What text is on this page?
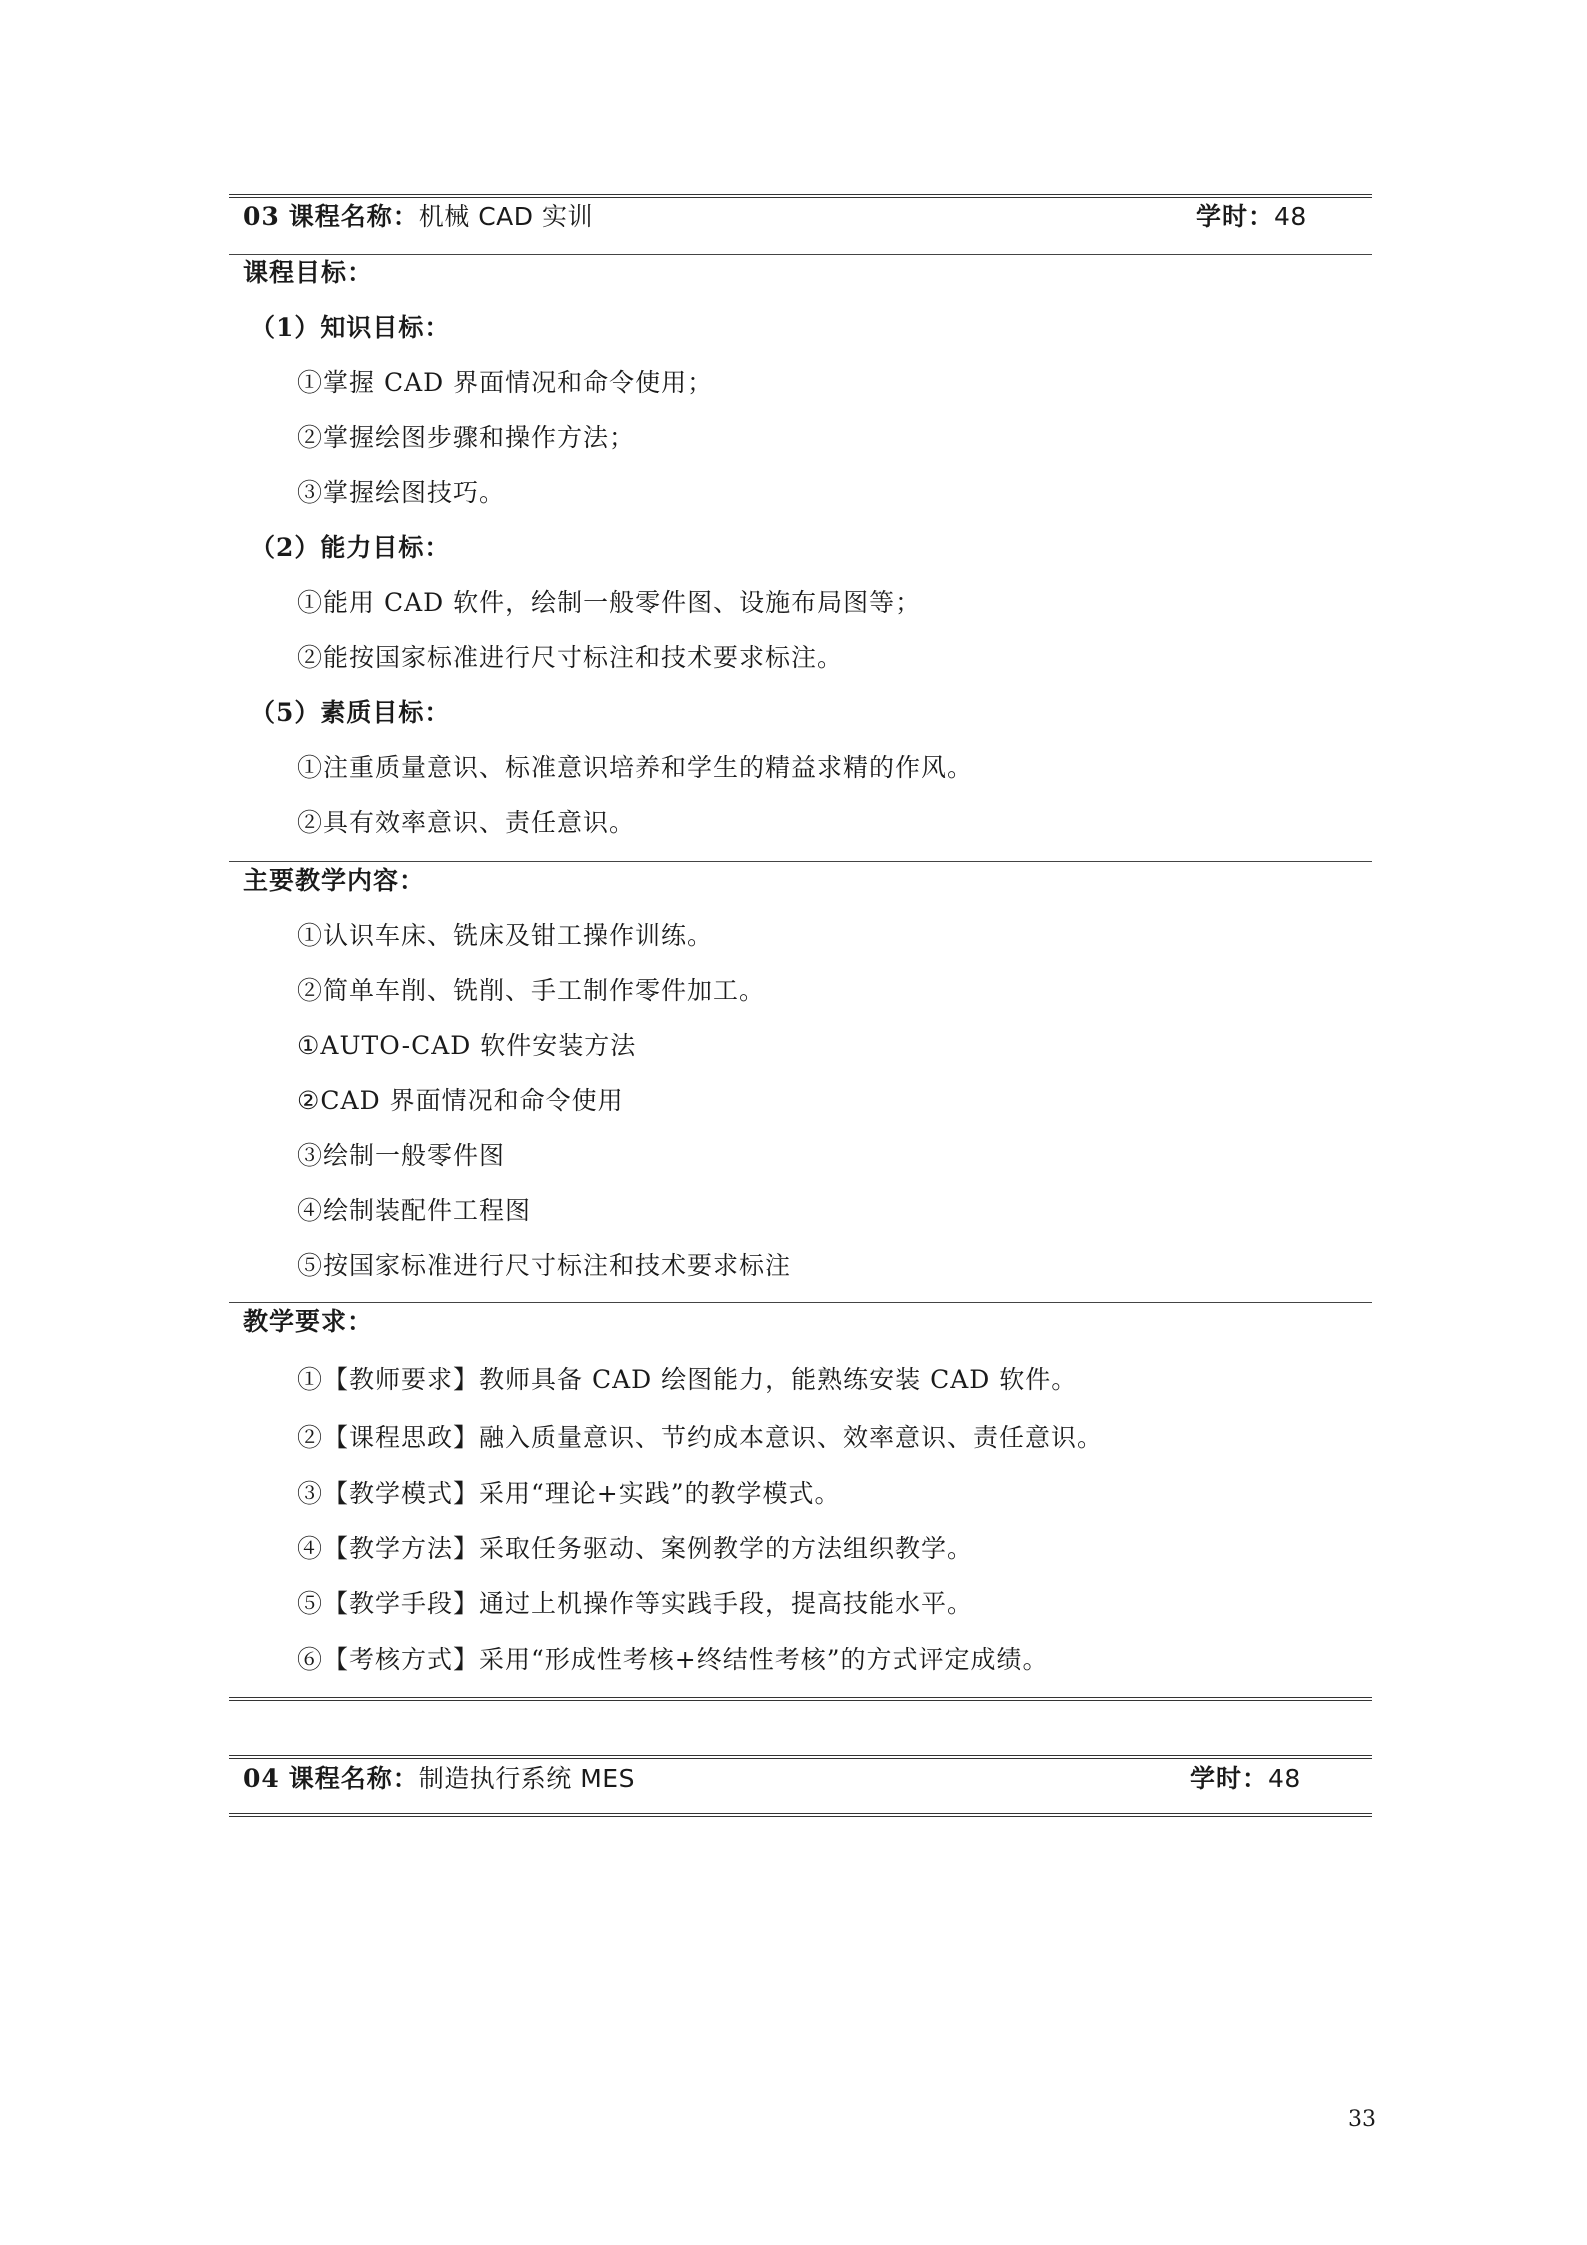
03 课程名称：机械 CAD 实训	学时：48
课程目标：
（1）知识目标：
①掌握 CAD 界面情况和命令使用；
②掌握绘图步骤和操作方法；
③掌握绘图技巧。
（2）能力目标：
①能用 CAD 软件，绘制一般零件图、设施布局图等；
②能按国家标准进行尺寸标注和技术要求标注。
（5）素质目标：
①注重质量意识、标准意识培养和学生的精益求精的作风。
②具有效率意识、责任意识。
主要教学内容：
①认识车床、铣床及钳工操作训练。
②简单车削、铣削、手工制作零件加工。
①AUTO-CAD 软件安装方法
②CAD 界面情况和命令使用
③绘制一般零件图
④绘制装配件工程图
⑤按国家标准进行尺寸标注和技术要求标注
教学要求：
①【教师要求】教师具备 CAD 绘图能力，能熟练安装 CAD 软件。
②【课程思政】融入质量意识、节约成本意识、效率意识、责任意识。
③【教学模式】采用“理论+实践”的教学模式。
④【教学方法】采取任务驱动、案例教学的方法组织教学。
⑤【教学手段】通过上机操作等实践手段，提高技能水平。
⑥【考核方式】采用“形成性考核+终结性考核”的方式评定成绩。
04 课程名称：制造执行系统 MES	学时：48
33
